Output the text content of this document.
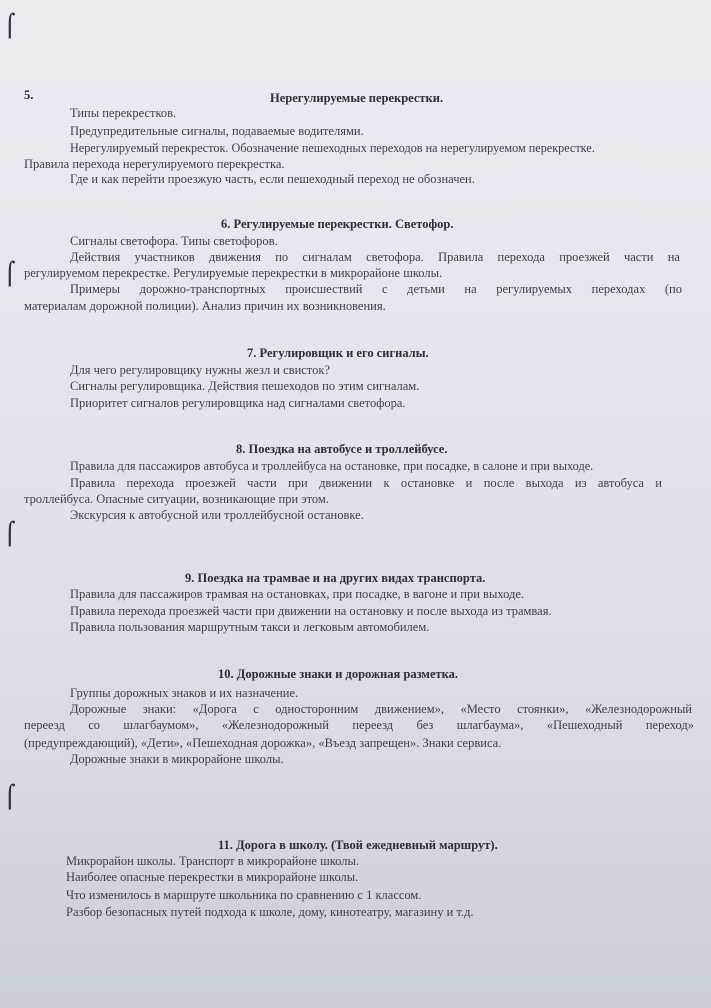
⌠
⌠
⌠
⌠
5.	Нерегулируемые перекрестки.
Типы перекрестков.
Предупредительные сигналы, подаваемые водителями.
Нерегулируемый перекресток. Обозначение пешеходных переходов на нерегулируемом перекрестке.
Правила перехода нерегулируемого перекрестка.
Где и как перейти проезжую часть, если пешеходный переход не обозначен.
6. Регулируемые перекрестки. Светофор.
Сигналы светофора. Типы светофоров.
Действия участников движения по сигналам светофора. Правила перехода проезжей части на
регулируемом перекрестке. Регулируемые перекрестки в микрорайоне школы.
Примеры дорожно-транспортных происшествий с детьми на регулируемых переходах (по
материалам дорожной полиции). Анализ причин их возникновения.
7. Регулировщик и его сигналы.
Для чего регулировщику нужны жезл и свисток?
Сигналы регулировщика. Действия пешеходов по этим сигналам.
Приоритет сигналов регулировщика над сигналами светофора.
8. Поездка на автобусе и троллейбусе.
Правила для пассажиров автобуса и троллейбуса на остановке, при посадке, в салоне и при выходе.
Правила перехода проезжей части при движении к остановке и после выхода из автобуса и
троллейбуса. Опасные ситуации, возникающие при этом.
Экскурсия к автобусной или троллейбусной остановке.
9. Поездка на трамвае и на других видах транспорта.
Правила для пассажиров трамвая на остановках, при посадке, в вагоне и при выходе.
Правила перехода проезжей части при движении на остановку и после выхода из трамвая.
Правила пользования маршрутным такси и легковым автомобилем.
10. Дорожные знаки и дорожная разметка.
Группы дорожных знаков и их назначение.
Дорожные знаки: «Дорога с односторонним движением», «Место стоянки», «Железнодорожный
переезд со шлагбаумом», «Железнодорожный переезд без шлагбаума», «Пешеходный переход»
(предупреждающий), «Дети», «Пешеходная дорожка», «Въезд запрещен». Знаки сервиса.
Дорожные знаки в микрорайоне школы.
11. Дорога в школу. (Твой ежедневный маршрут).
Микрорайон школы. Транспорт в микрорайоне школы.
Наиболее опасные перекрестки в микрорайоне школы.
Что изменилось в маршруте школьника по сравнению с 1 классом.
Разбор безопасных путей подхода к школе, дому, кинотеатру, магазину и т.д.
